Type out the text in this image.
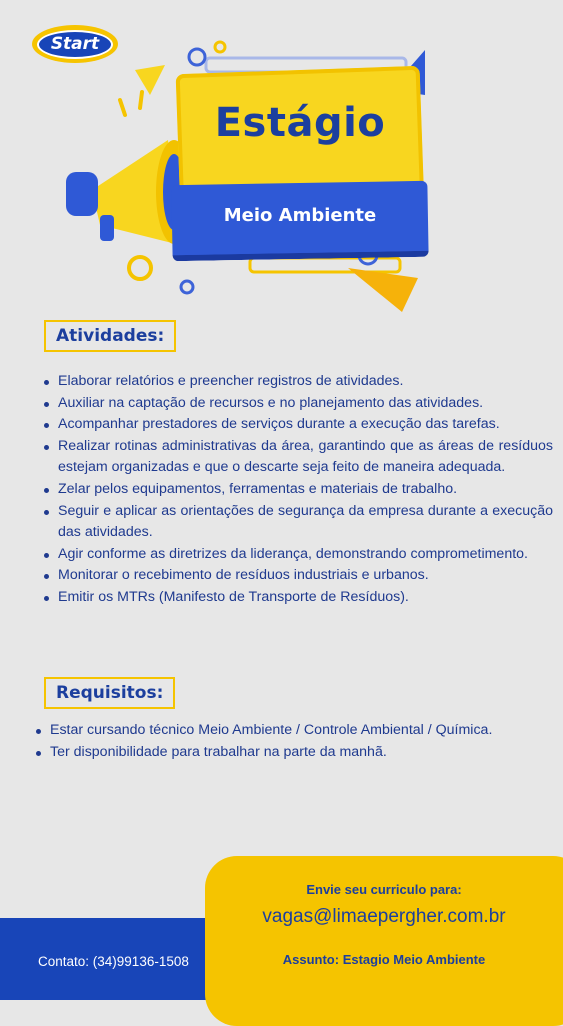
Start
Estágio
Meio Ambiente
Atividades:
Elaborar relatórios e preencher registros de atividades.
Auxiliar na captação de recursos e no planejamento das atividades.
Acompanhar prestadores de serviços durante a execução das tarefas.
Realizar rotinas administrativas da área, garantindo que as áreas de resíduos estejam organizadas e que o descarte seja feito de maneira adequada.
Zelar pelos equipamentos, ferramentas e materiais de trabalho.
Seguir e aplicar as orientações de segurança da empresa durante a execução das atividades.
Agir conforme as diretrizes da liderança, demonstrando comprometimento.
Monitorar o recebimento de resíduos industriais e urbanos.
Emitir os MTRs (Manifesto de Transporte de Resíduos).
Requisitos:
Estar cursando técnico Meio Ambiente / Controle Ambiental / Química.
Ter disponibilidade para trabalhar na parte da manhã.
Contato: (34)99136-1508
Envie seu curriculo para:
vagas@limaepergher.com.br
Assunto: Estagio Meio Ambiente
